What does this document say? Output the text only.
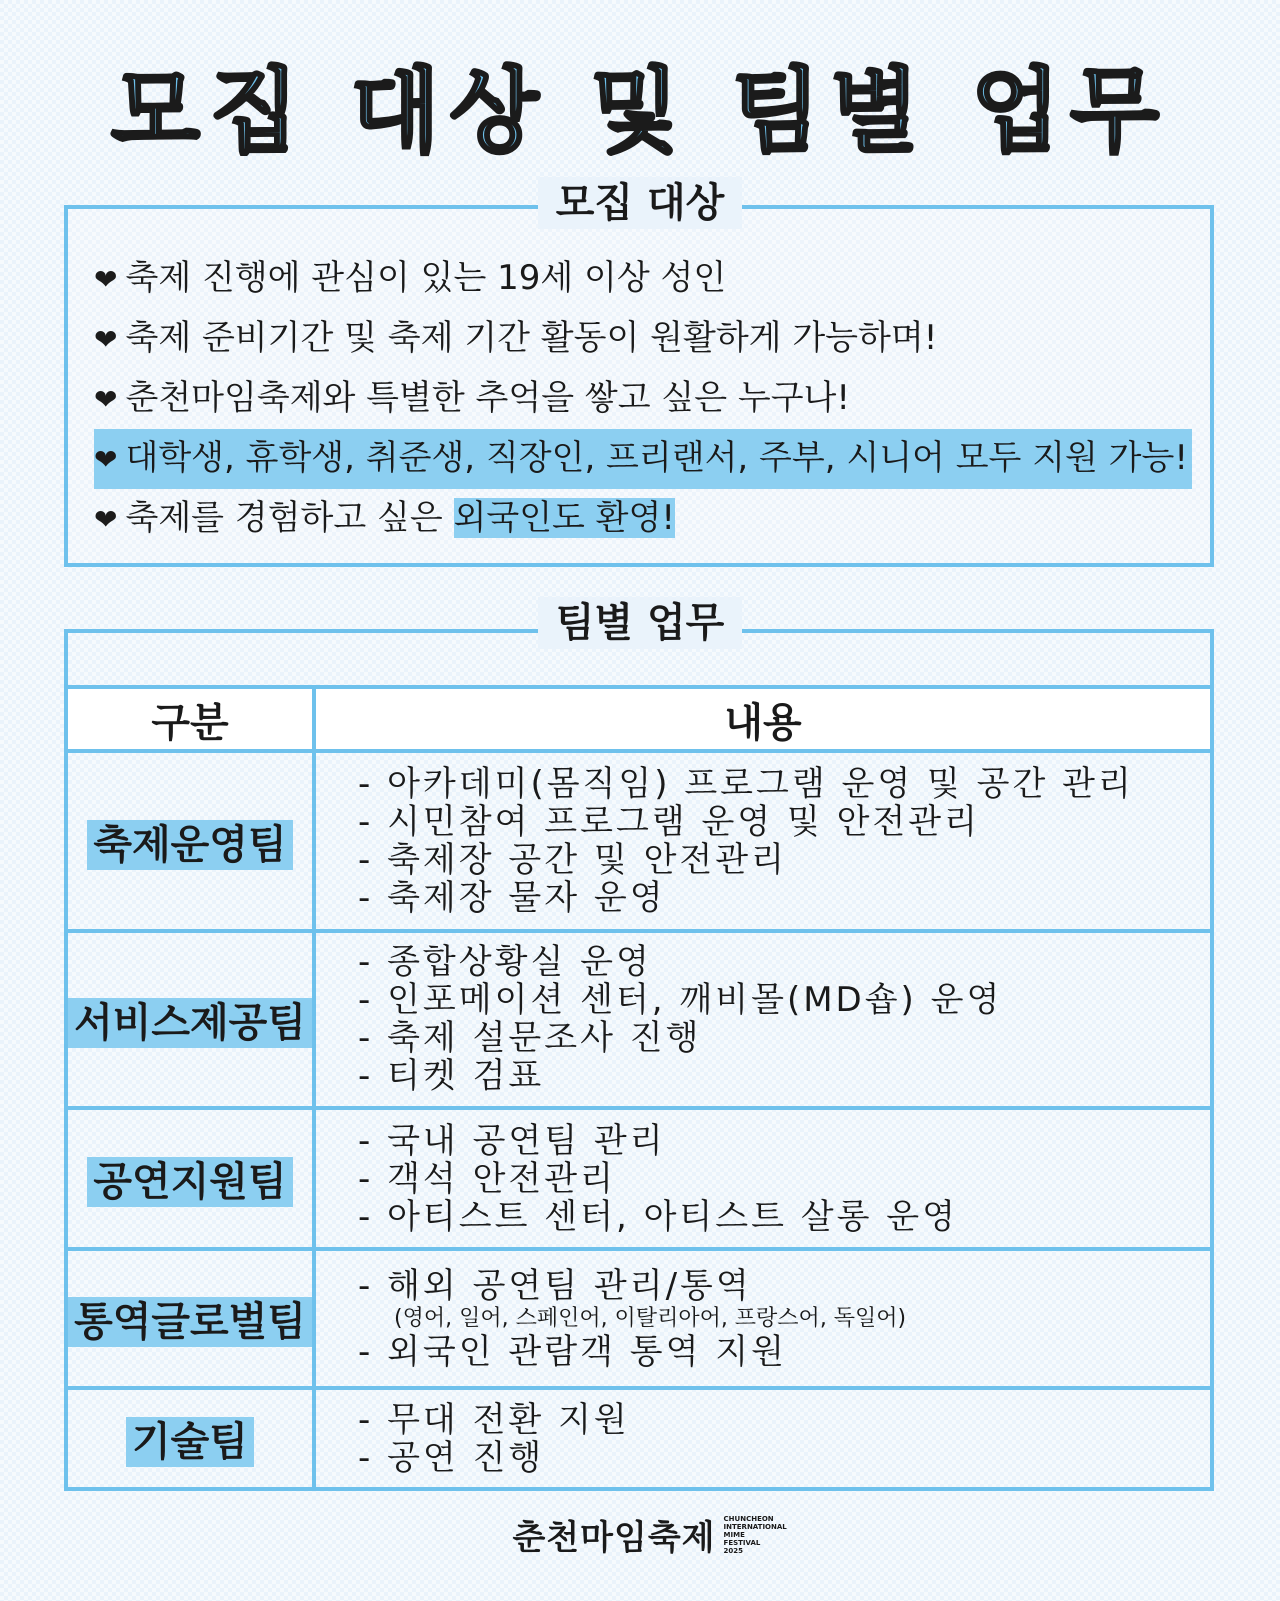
모집 대상 및 팀별 업무
모집 대상
❤ 축제 진행에 관심이 있는 19세 이상 성인
❤ 축제 준비기간 및 축제 기간 활동이 원활하게 가능하며!
❤ 춘천마임축제와 특별한 추억을 쌓고 싶은 누구나!
❤ 대학생, 휴학생, 취준생, 직장인, 프리랜서, 주부, 시니어 모두 지원 가능!
❤ 축제를 경험하고 싶은 외국인도 환영!
팀별 업무
구분	내용
축제운영팀	- 아카데미(몸직임) 프로그램 운영 및 공간 관리
- 시민참여 프로그램 운영 및 안전관리
- 축제장 공간 및 안전관리
- 축제장 물자 운영

서비스제공팀	- 종합상황실 운영
- 인포메이션 센터, 깨비몰(MD숍) 운영
- 축제 설문조사 진행
- 티켓 검표

공연지원팀	- 국내 공연팀 관리
- 객석 안전관리
- 아티스트 센터, 아티스트 살롱 운영

통역글로벌팀	- 해외 공연팀 관리/통역
(영어, 일어, 스페인어, 이탈리아어, 프랑스어, 독일어)
- 외국인 관람객 통역 지원

기술팀	- 무대 전환 지원
- 공연 진행
춘천마임축제 CHUNCHEON
INTERNATIONAL
MIME
FESTIVAL
2025
